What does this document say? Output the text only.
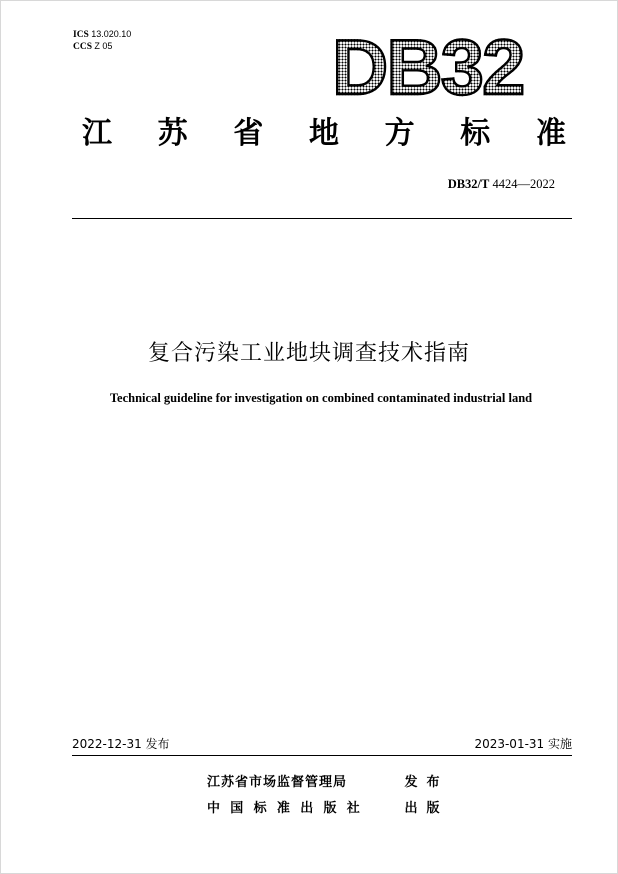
ICS 13.020.10
CCS Z 05	DB32
江 苏 省 地 方 标 准
DB32/T 4424—2022
复合污染工业地块调查技术指南
Technical guideline for investigation on combined contaminated industrial land
2022-12-31 发布	2023-01-31 实施
江苏省市场监督管理局	发布
中国标准出版社	出版
